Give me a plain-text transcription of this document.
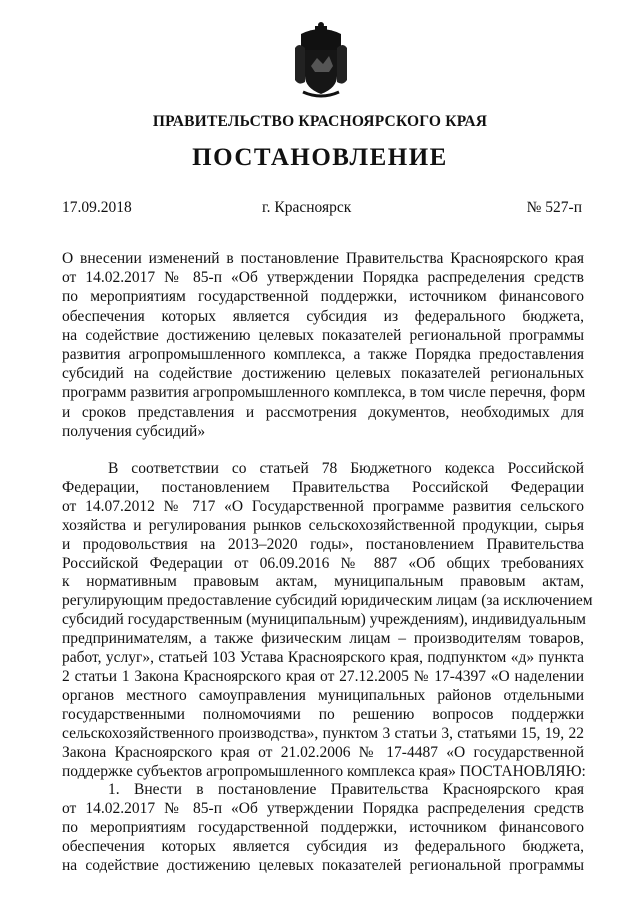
ПРАВИТЕЛЬСТВО КРАСНОЯРСКОГО КРАЯ
ПОСТАНОВЛЕНИЕ
17.09.2018	г. Красноярск	№ 527-п
О внесении изменений в постановление Правительства Красноярского края
от 14.02.2017 № 85-п «Об утверждении Порядка распределения средств
по мероприятиям государственной поддержки, источником финансового
обеспечения которых является субсидия из федерального бюджета,
на содействие достижению целевых показателей региональной программы
развития агропромышленного комплекса, а также Порядка предоставления
субсидий на содействие достижению целевых показателей региональных
программ развития агропромышленного комплекса, в том числе перечня, форм
и сроков представления и рассмотрения документов, необходимых для
получения субсидий»
В соответствии со статьей 78 Бюджетного кодекса Российской
Федерации, постановлением Правительства Российской Федерации
от 14.07.2012 № 717 «О Государственной программе развития сельского
хозяйства и регулирования рынков сельскохозяйственной продукции, сырья
и продовольствия на 2013–2020 годы», постановлением Правительства
Российской Федерации от 06.09.2016 № 887 «Об общих требованиях
к нормативным правовым актам, муниципальным правовым актам,
регулирующим предоставление субсидий юридическим лицам (за исключением
субсидий государственным (муниципальным) учреждениям), индивидуальным
предпринимателям, а также физическим лицам – производителям товаров,
работ, услуг», статьей 103 Устава Красноярского края, подпунктом «д» пункта
2 статьи 1 Закона Красноярского края от 27.12.2005 № 17-4397 «О наделении
органов местного самоуправления муниципальных районов отдельными
государственными полномочиями по решению вопросов поддержки
сельскохозяйственного производства», пунктом 3 статьи 3, статьями 15, 19, 22
Закона Красноярского края от 21.02.2006 № 17-4487 «О государственной
поддержке субъектов агропромышленного комплекса края» ПОСТАНОВЛЯЮ:
1. Внести в постановление Правительства Красноярского края
от 14.02.2017 № 85-п «Об утверждении Порядка распределения средств
по мероприятиям государственной поддержки, источником финансового
обеспечения которых является субсидия из федерального бюджета,
на содействие достижению целевых показателей региональной программы
